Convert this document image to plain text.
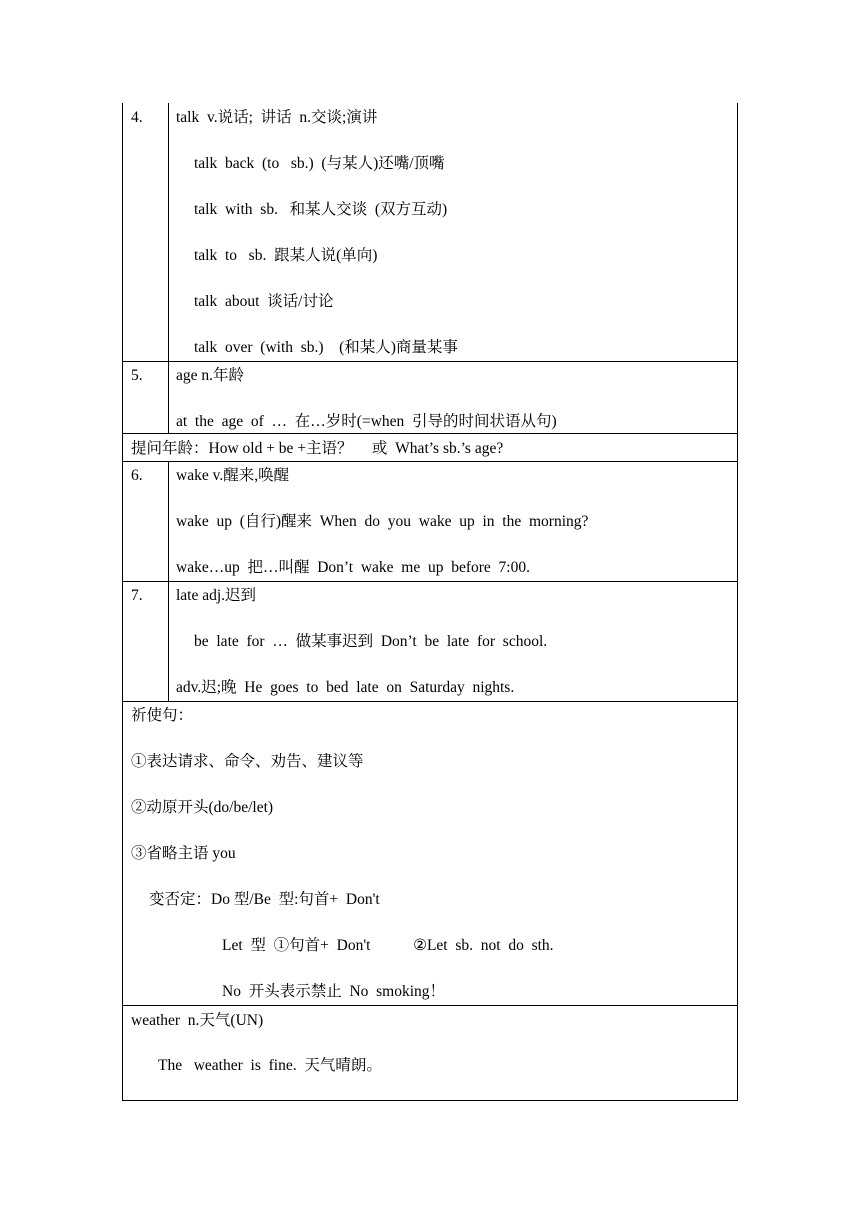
4. talk  v.说话;  讲话  n.交谈;演讲
talk  back  (to   sb.)  (与某人)还嘴/顶嘴
talk  with  sb.   和某人交谈  (双方互动)
talk  to   sb.  跟某人说(单向)
talk  about  谈话/讨论
talk  over  (with  sb.)    (和某人)商量某事
5. age n.年龄
at  the  age  of  …  在…岁时(=when  引导的时间状语从句)
提问年龄：How old + be +主语？     或  What’s sb.’s age?
6. wake v.醒来,唤醒
wake  up  (自行)醒来  When  do  you  wake  up  in  the  morning?
wake…up  把…叫醒  Don’t  wake  me  up  before  7:00.
7. late adj.迟到
be  late  for  …  做某事迟到  Don’t  be  late  for  school.
adv.迟;晚  He  goes  to  bed  late  on  Saturday  nights.
祈使句：
①表达请求、命令、劝告、建议等
②动原开头(do/be/let)
③省略主语 you
变否定：Do 型/Be  型:句首+  Don't
Let  型  ①句首+  Don't           ②Let  sb.  not  do  sth.
No  开头表示禁止  No  smoking！
weather  n.天气(UN)
The   weather  is  fine.  天气晴朗。
